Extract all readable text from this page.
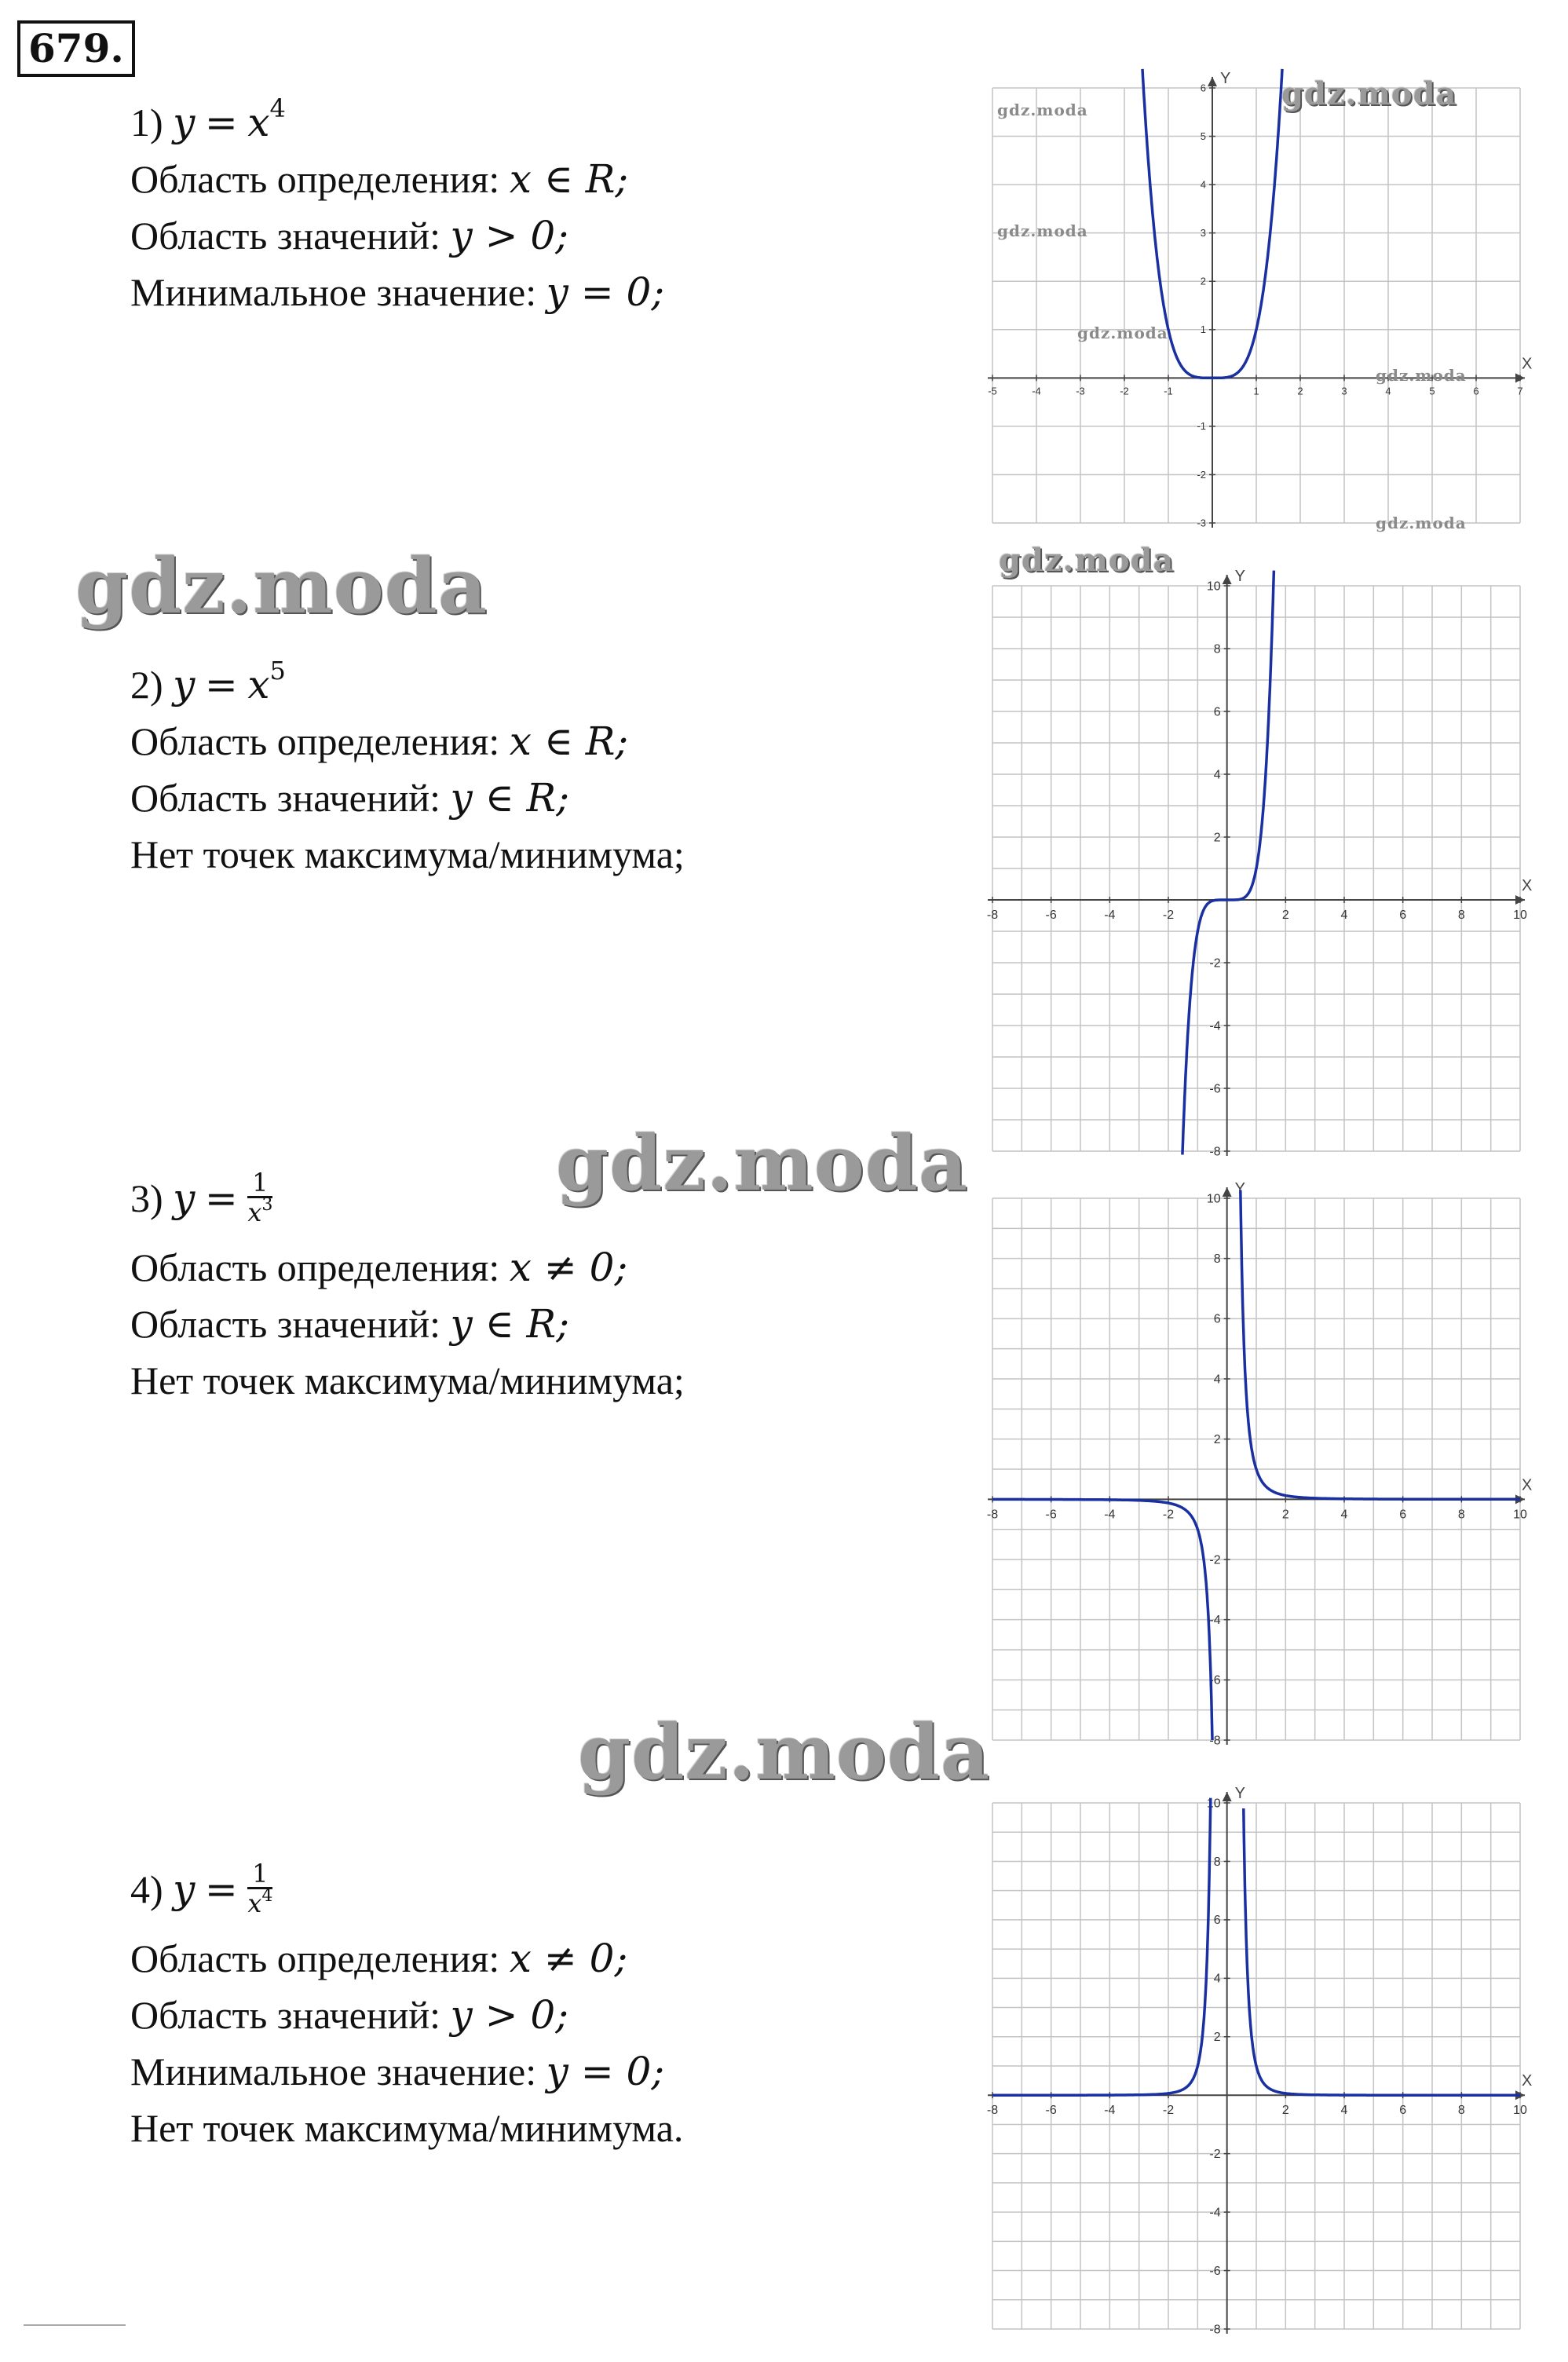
679.
1) $y = x^4$
Область определения: x ∈ R;
Область значений: y > 0;
Минимальное значение: y = 0;
2) $y = x^5$
Область определения: x ∈ R;
Область значений: y ∈ R;
Нет точек максимума/минимума;
3) $y = \frac{1}{x^3}$
Область определения: x ≠ 0;
Область значений: y ∈ R;
Нет точек максимума/минимума;
4) $y = \frac{1}{x^4}$
Область определения: x ≠ 0;
Область значений: y > 0;
Минимальное значение: y = 0;
Нет точек максимума/минимума.
X
Y
-5	-4	-3	-2	-1	1	2	3	4	5	6	7
-3
-2
-1
1
2
3
4
5
6
X
Y
-8	-6	-4	-2	2	4	6	8	10
-8
-6
-4
-2
2
4
6
8
10
X
Y
-8	-6	-4	-2	2	4	6	8	10
-8
-6
-4
-2
2
4
6
8
10
X
Y
-8	-6	-4	-2	2	4	6	8	10
-8
-6
-4
-2
2
4
6
8
10
gdz.moda
gdz.moda
gdz.moda
gdz.moda
gdz.moda
gdz.moda
gdz.moda
gdz.moda
gdz.moda
gdz.moda
